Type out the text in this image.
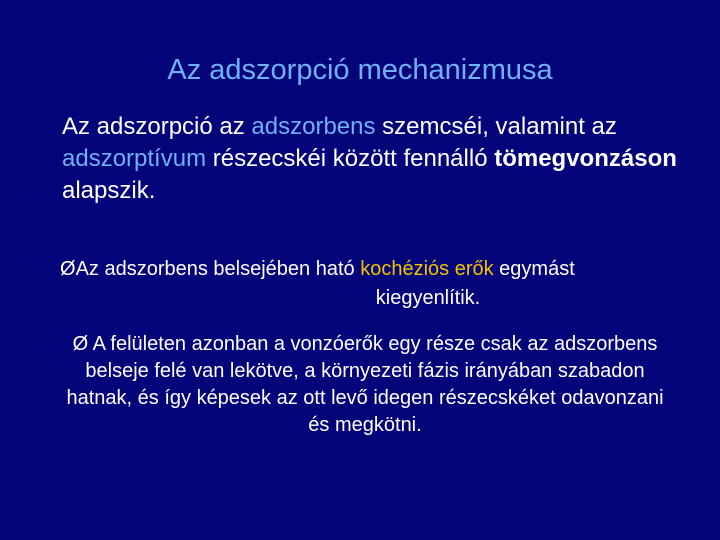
Az adszorpció mechanizmusa
Az adszorpció az adszorbens szemcséi, valamint az adszorptívum részecskéi között fennálló tömegvonzáson alapszik.
ØAz adszorbens belsejében ható kochéziós erők egymást
kiegyenlítik.
Ø A felületen azonban a vonzóerők egy része csak az adszorbens belseje felé van lekötve, a környezeti fázis irányában szabadon hatnak, és így képesek az ott levő idegen részecskéket odavonzani és megkötni.
